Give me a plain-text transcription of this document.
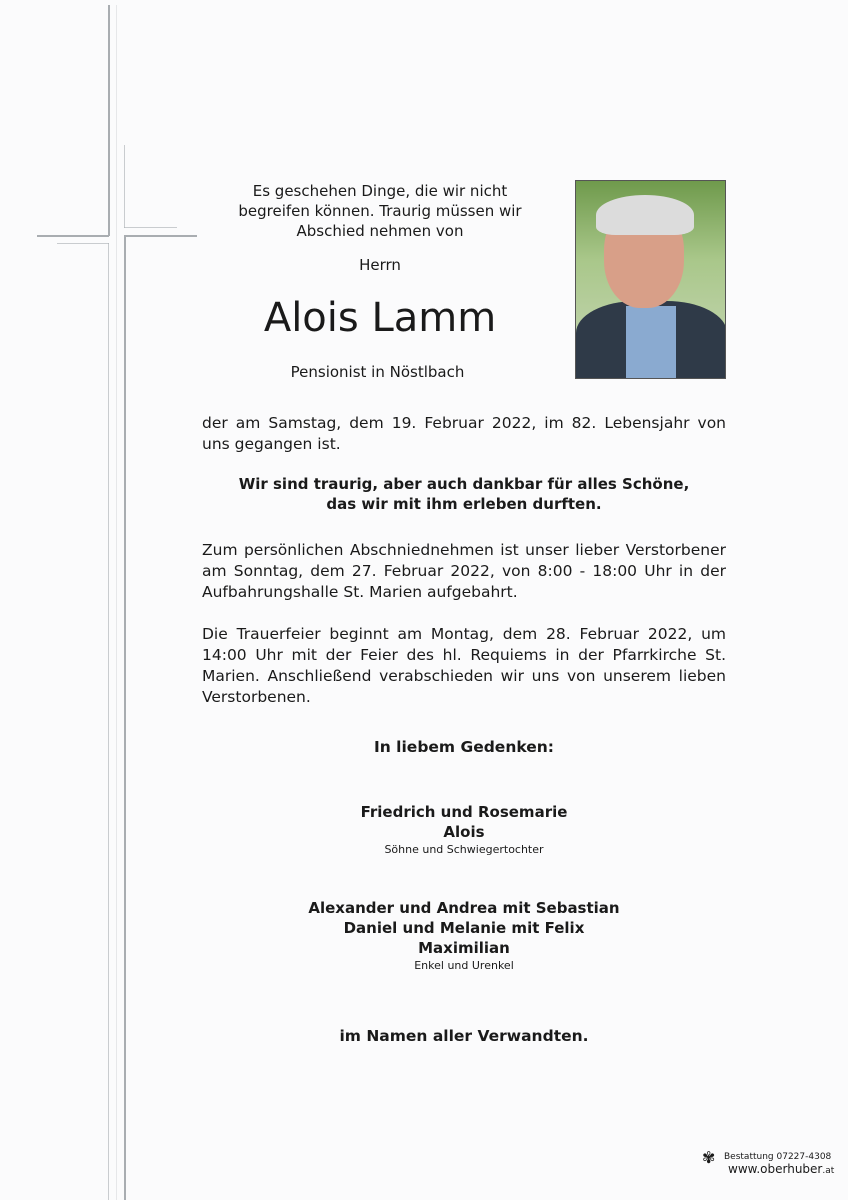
Es geschehen Dinge, die wir nicht
begreifen können. Traurig müssen wir
Abschied nehmen von
Herrn
Alois Lamm
Pensionist in Nöstlbach
der am Samstag, dem 19. Februar 2022, im 82. Lebensjahr von uns gegangen ist.
Wir sind traurig, aber auch dankbar für alles Schöne,
das wir mit ihm erleben durften.
Zum persönlichen Abschniednehmen ist unser lieber Verstorbener am Sonntag, dem 27. Februar 2022, von 8:00 - 18:00 Uhr in der Aufbahrungshalle St. Marien aufgebahrt.
Die Trauerfeier beginnt am Montag, dem 28. Februar 2022, um 14:00 Uhr mit der Feier des hl. Requiems in der Pfarrkirche St. Marien. Anschließend verabschieden wir uns von unserem lieben Verstorbenen.
In liebem Gedenken:
Friedrich und Rosemarie
Alois
Söhne und Schwiegertochter
Alexander und Andrea mit Sebastian
Daniel und Melanie mit Felix
Maximilian
Enkel und Urenkel
im Namen aller Verwandten.
✾ Bestattung 07227-4308
www.oberhuber.at
